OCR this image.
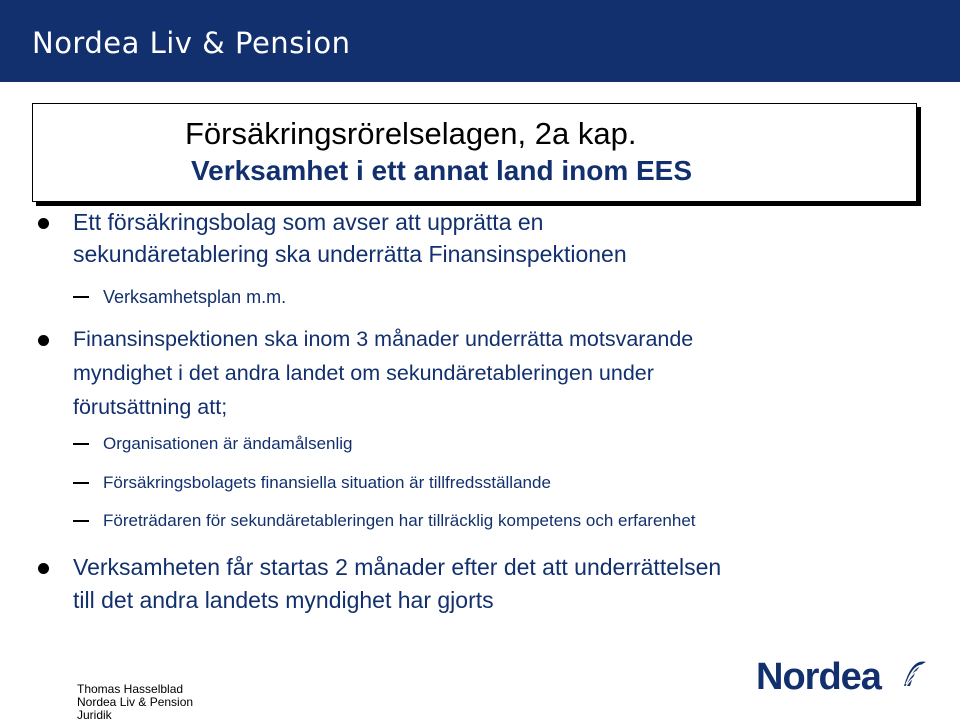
Nordea Liv & Pension
Försäkringsrörelselagen, 2a kap.
Verksamhet i ett annat land inom EES
Ett försäkringsbolag som avser att upprätta en
sekundäretablering ska underrätta Finansinspektionen
Verksamhetsplan m.m.
Finansinspektionen ska inom 3 månader underrätta motsvarande
myndighet i det andra landet om sekundäretableringen under
förutsättning att;
Organisationen är ändamålsenlig
Försäkringsbolagets finansiella situation är tillfredsställande
Företrädaren för sekundäretableringen har tillräcklig kompetens och erfarenhet
Verksamheten får startas 2 månader efter det att underrättelsen
till det andra landets myndighet har gjorts
Thomas Hasselblad
Nordea Liv & Pension
Juridik
Nordea
